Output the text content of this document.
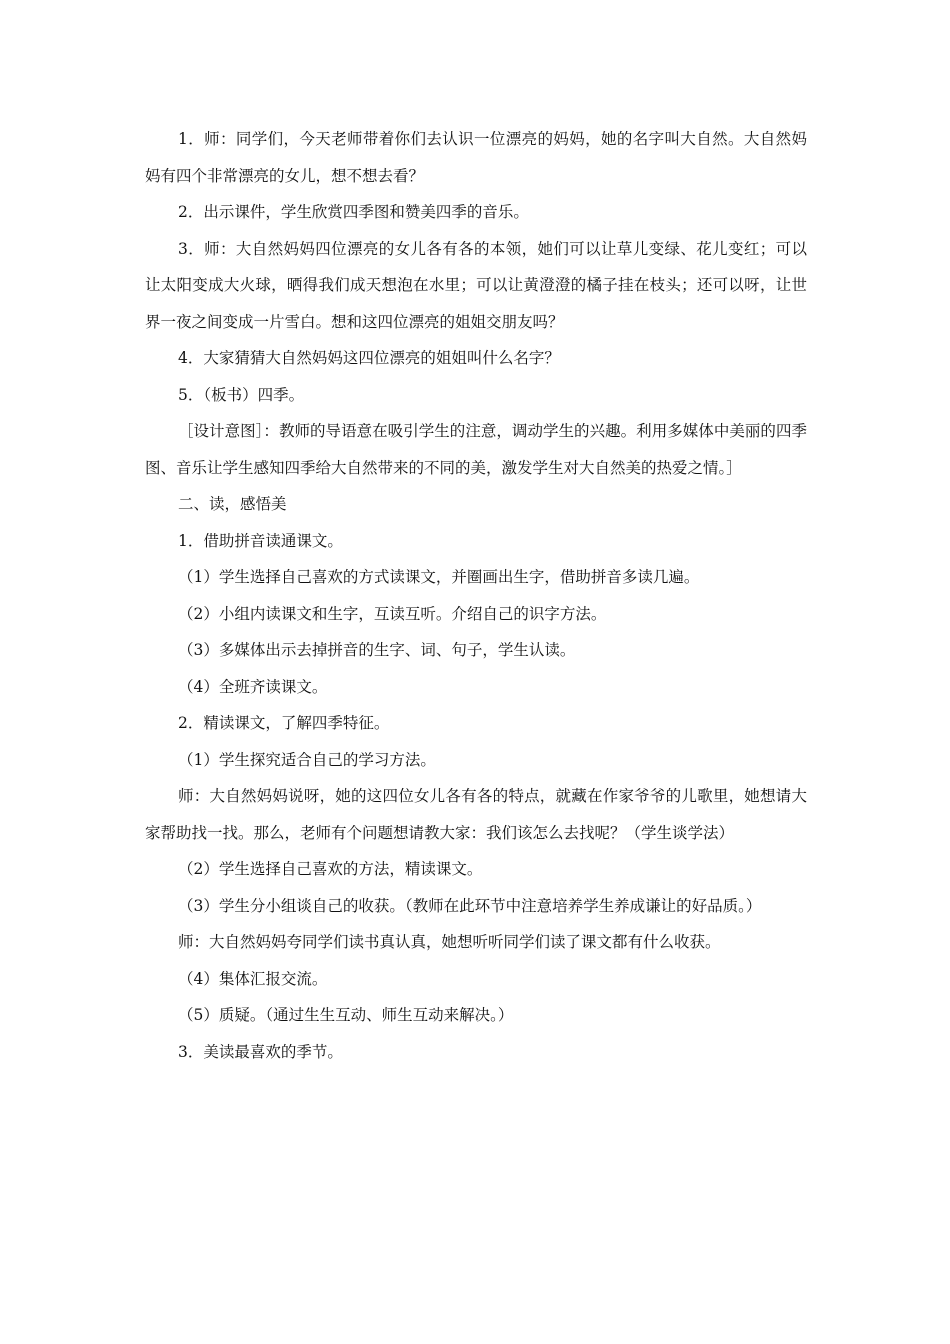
1．师：同学们，今天老师带着你们去认识一位漂亮的妈妈，她的名字叫大自然。大自然妈妈有四个非常漂亮的女儿，想不想去看？

2．出示课件，学生欣赏四季图和赞美四季的音乐。

3．师：大自然妈妈四位漂亮的女儿各有各的本领，她们可以让草儿变绿、花儿变红；可以让太阳变成大火球，晒得我们成天想泡在水里；可以让黄澄澄的橘子挂在枝头；还可以呀，让世界一夜之间变成一片雪白。想和这四位漂亮的姐姐交朋友吗？

4．大家猜猜大自然妈妈这四位漂亮的姐姐叫什么名字？

5．（板书）四季。

［设计意图］：教师的导语意在吸引学生的注意，调动学生的兴趣。利用多媒体中美丽的四季图、音乐让学生感知四季给大自然带来的不同的美，激发学生对大自然美的热爱之情。］

二、读，感悟美

1．借助拼音读通课文。

（1）学生选择自己喜欢的方式读课文，并圈画出生字，借助拼音多读几遍。

（2）小组内读课文和生字，互读互听。介绍自己的识字方法。

（3）多媒体出示去掉拼音的生字、词、句子，学生认读。

（4）全班齐读课文。

2．精读课文，了解四季特征。

（1）学生探究适合自己的学习方法。

师：大自然妈妈说呀，她的这四位女儿各有各的特点，就藏在作家爷爷的儿歌里，她想请大家帮助找一找。那么，老师有个问题想请教大家：我们该怎么去找呢？（学生谈学法）

（2）学生选择自己喜欢的方法，精读课文。

（3）学生分小组谈自己的收获。（教师在此环节中注意培养学生养成谦让的好品质。）

师：大自然妈妈夸同学们读书真认真，她想听听同学们读了课文都有什么收获。

（4）集体汇报交流。

（5）质疑。（通过生生互动、师生互动来解决。）

3．美读最喜欢的季节。
